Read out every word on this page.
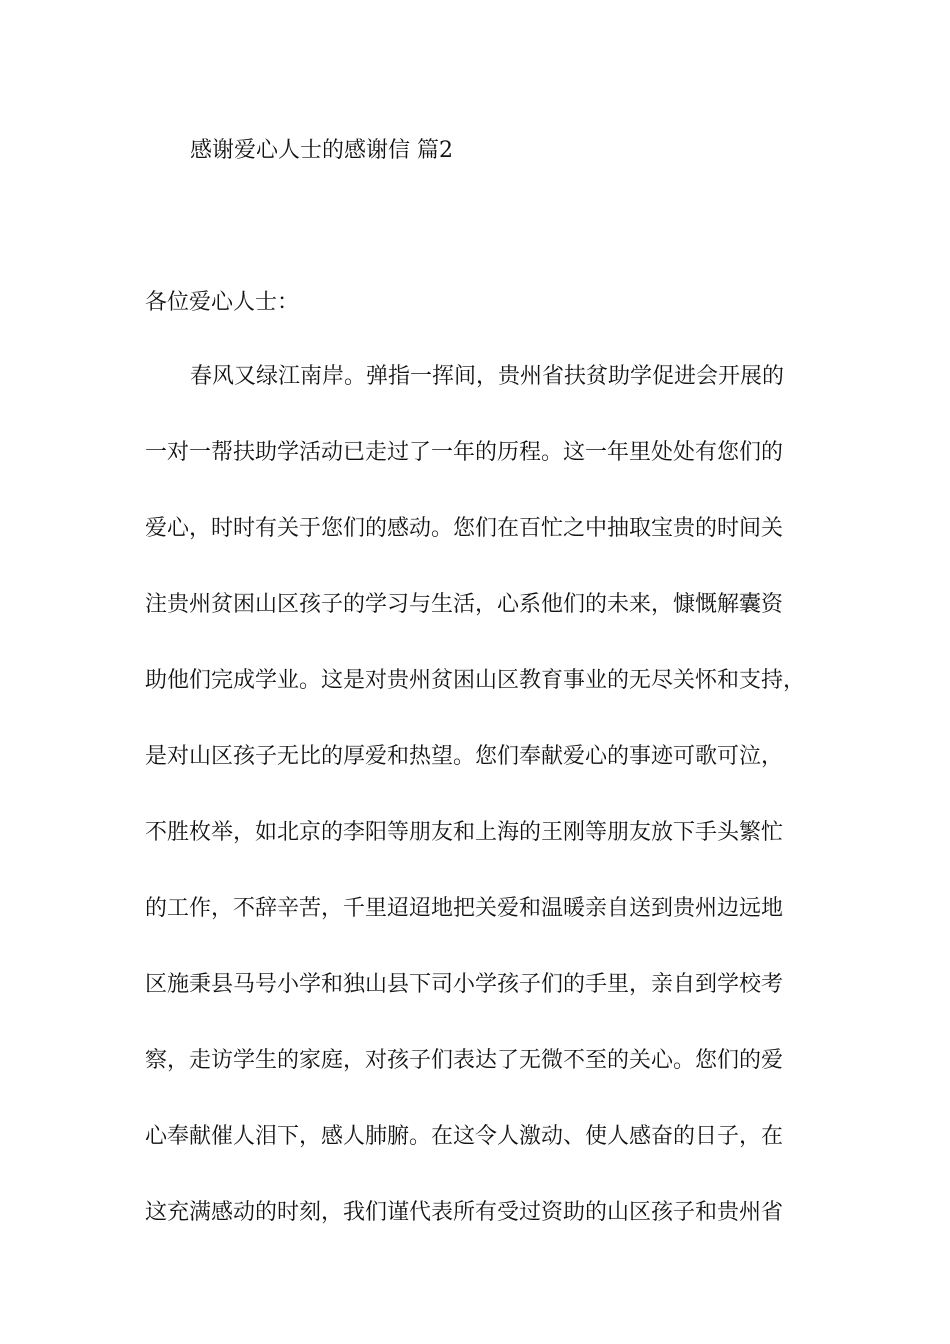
感谢爱心人士的感谢信 篇2
各位爱心人士：
春风又绿江南岸。弹指一挥间，贵州省扶贫助学促进会开展的
一对一帮扶助学活动已走过了一年的历程。这一年里处处有您们的
爱心，时时有关于您们的感动。您们在百忙之中抽取宝贵的时间关
注贵州贫困山区孩子的学习与生活，心系他们的未来，慷慨解囊资
助他们完成学业。这是对贵州贫困山区教育事业的无尽关怀和支持，
是对山区孩子无比的厚爱和热望。您们奉献爱心的事迹可歌可泣，
不胜枚举，如北京的李阳等朋友和上海的王刚等朋友放下手头繁忙
的工作，不辞辛苦，千里迢迢地把关爱和温暖亲自送到贵州边远地
区施秉县马号小学和独山县下司小学孩子们的手里，亲自到学校考
察，走访学生的家庭，对孩子们表达了无微不至的关心。您们的爱
心奉献催人泪下，感人肺腑。在这令人激动、使人感奋的日子，在
这充满感动的时刻，我们谨代表所有受过资助的山区孩子和贵州省
